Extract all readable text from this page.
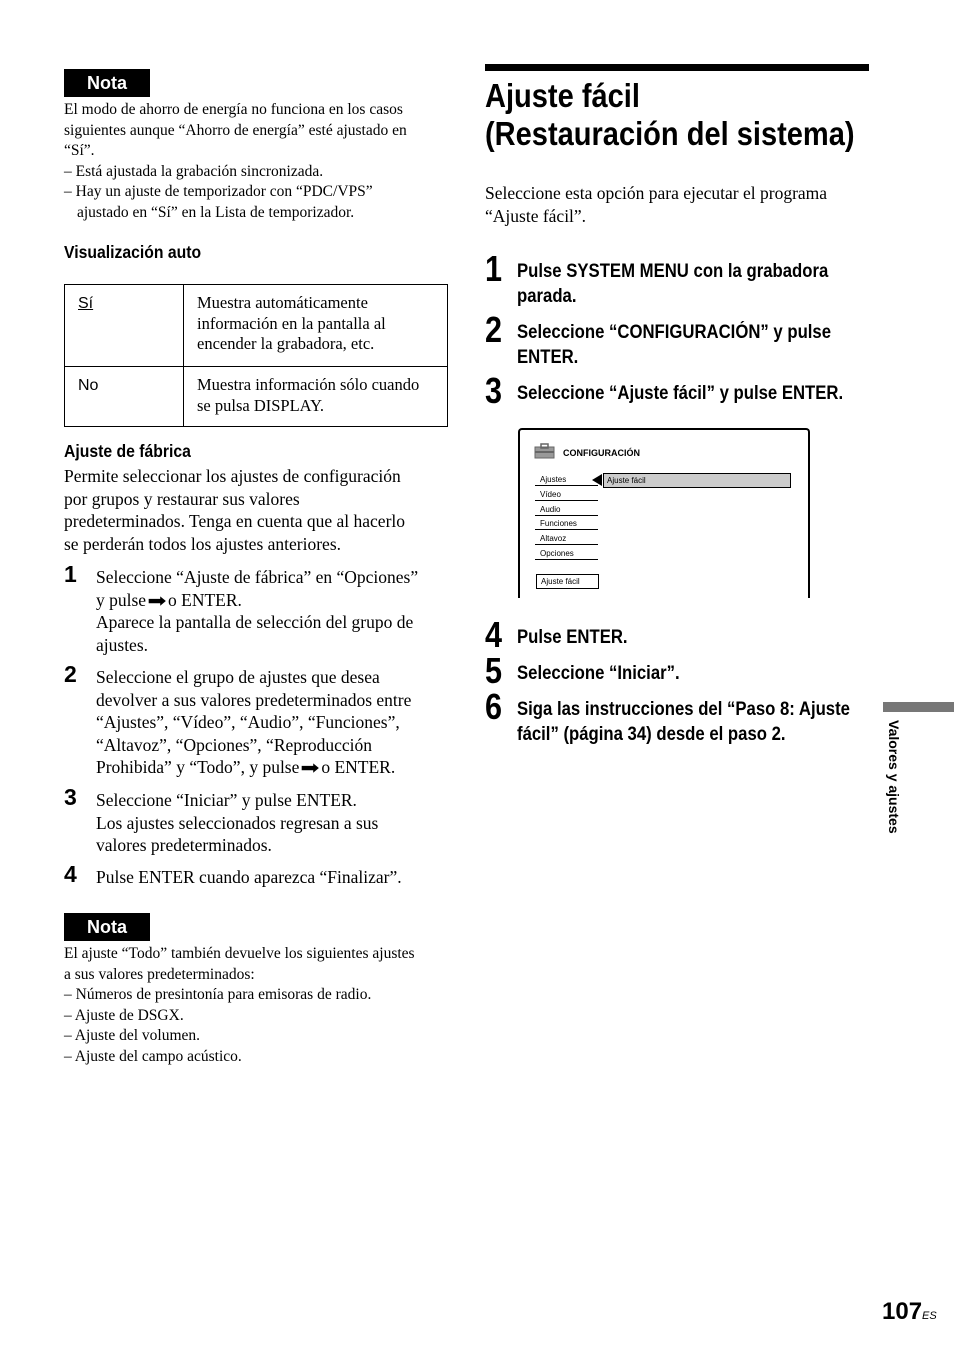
Nota
El modo de ahorro de energía no funciona en los casos
siguientes aunque “Ahorro de energía” esté ajustado en
“Sí”.
– Está ajustada la grabación sincronizada.
– Hay un ajuste de temporizador con “PDC/VPS”
ajustado en “Sí” en la Lista de temporizador.
Visualización auto
Sí	Muestra automáticamente
información en la pantalla al
encender la grabadora, etc.

No	Muestra información sólo cuando
se pulsa DISPLAY.
Ajuste de fábrica
Permite seleccionar los ajustes de configuración
por grupos y restaurar sus valores
predeterminados. Tenga en cuenta que al hacerlo
se perderán todos los ajustes anteriores.
1 Seleccione “Ajuste de fábrica” en “Opciones”
y pulse➡o ENTER.
Aparece la pantalla de selección del grupo de
ajustes.
2 Seleccione el grupo de ajustes que desea
devolver a sus valores predeterminados entre
“Ajustes”, “Vídeo”, “Audio”, “Funciones”,
“Altavoz”, “Opciones”, “Reproducción
Prohibida” y “Todo”, y pulse➡o ENTER.
3 Seleccione “Iniciar” y pulse ENTER.
Los ajustes seleccionados regresan a sus
valores predeterminados.
4 Pulse ENTER cuando aparezca “Finalizar”.
Nota
El ajuste “Todo” también devuelve los siguientes ajustes
a sus valores predeterminados:
– Números de presintonía para emisoras de radio.
– Ajuste de DSGX.
– Ajuste del volumen.
– Ajuste del campo acústico.
Ajuste fácil
(Restauración del sistema)
Seleccione esta opción para ejecutar el programa
“Ajuste fácil”.
1 Pulse SYSTEM MENU con la grabadora
parada.
2 Seleccione “CONFIGURACIÓN” y pulse
ENTER.
3 Seleccione “Ajuste fácil” y pulse ENTER.
CONFIGURACIÓN
Ajustes
Vídeo
Audio
Funciones
Altavoz
Opciones
Ajuste fácil
Ajuste fácil
4 Pulse ENTER.
5 Seleccione “Iniciar”.
6 Siga las instrucciones del “Paso 8: Ajuste
fácil” (página 34) desde el paso 2.	Valores y ajustes
$107^{ES}$
